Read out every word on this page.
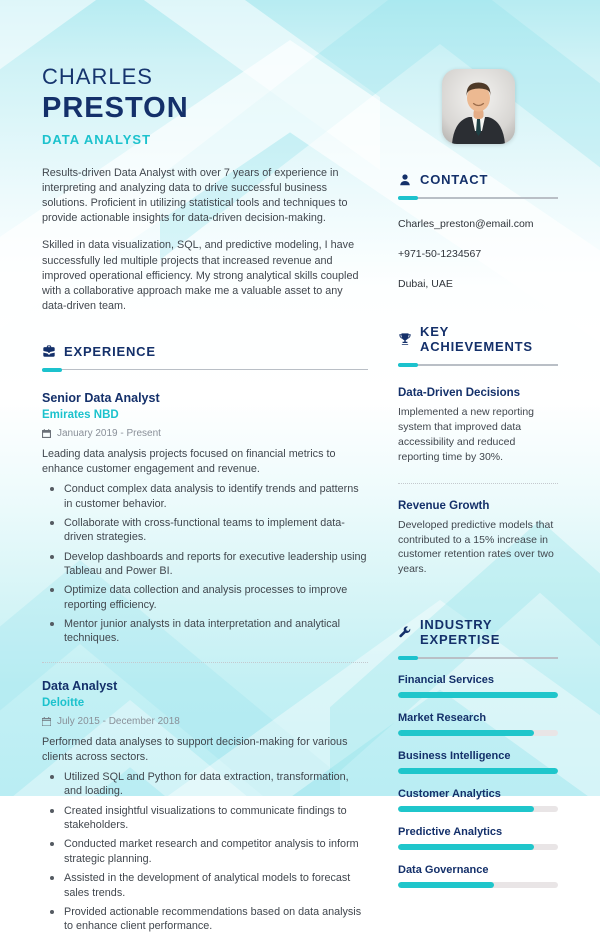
CHARLES
PRESTON
DATA ANALYST

Results-driven Data Analyst with over 7 years of experience in interpreting and analyzing data to drive successful business solutions. Proficient in utilizing statistical tools and techniques to provide actionable insights for data-driven decision-making.

Skilled in data visualization, SQL, and predictive modeling, I have successfully led multiple projects that increased revenue and improved operational efficiency. My strong analytical skills coupled with a collaborative approach make me a valuable asset to any data-driven team.

EXPERIENCE
Senior Data Analyst
Emirates NBD
January 2019 - Present
Leading data analysis projects focused on financial metrics to enhance customer engagement and revenue.
Conduct complex data analysis to identify trends and patterns in customer behavior.
Collaborate with cross-functional teams to implement data-driven strategies.
Develop dashboards and reports for executive leadership using Tableau and Power BI.
Optimize data collection and analysis processes to improve reporting efficiency.
Mentor junior analysts in data interpretation and analytical techniques.
Data Analyst
Deloitte
July 2015 - December 2018
Performed data analyses to support decision-making for various clients across sectors.
Utilized SQL and Python for data extraction, transformation, and loading.
Created insightful visualizations to communicate findings to stakeholders.
Conducted market research and competitor analysis to inform strategic planning.
Assisted in the development of analytical models to forecast sales trends.
Provided actionable recommendations based on data analysis to enhance client performance.
CONTACT
Charles_preston@email.com
+971-50-1234567
Dubai, UAE
KEY ACHIEVEMENTS
Data-Driven Decisions
Implemented a new reporting system that improved data accessibility and reduced reporting time by 30%.
Revenue Growth
Developed predictive models that contributed to a 15% increase in customer retention rates over two years.
INDUSTRY EXPERTISE
Financial Services
Market Research
Business Intelligence
Customer Analytics
Predictive Analytics
Data Governance
